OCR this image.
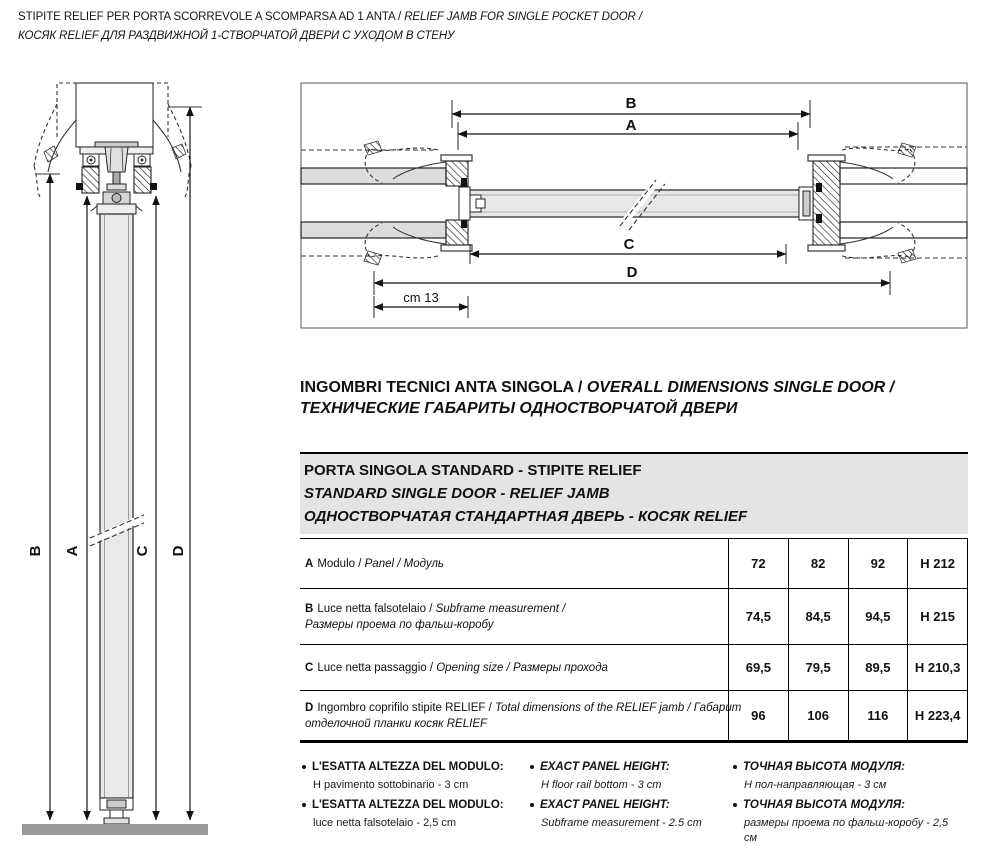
STIPITE RELIEF PER PORTA SCORREVOLE A SCOMPARSA AD 1 ANTA / RELIEF JAMB FOR SINGLE POCKET DOOR /
КОСЯК RELIEF ДЛЯ РАЗДВИЖНОЙ 1-СТВОРЧАТОЙ ДВЕРИ С УХОДОМ В СТЕНУ
B A	C D
B
A
C
D
cm 13
INGOMBRI TECNICI ANTA SINGOLA / OVERALL DIMENSIONS SINGLE DOOR /
ТЕХНИЧЕСКИЕ ГАБАРИТЫ ОДНОСТВОРЧАТОЙ ДВЕРИ
PORTA SINGOLA STANDARD - STIPITE RELIEF
STANDARD SINGLE DOOR - RELIEF JAMB
ОДНОСТВОРЧАТАЯ СТАНДАРТНАЯ ДВЕРЬ - КОСЯК RELIEF
A Modulo / Panel / Модуль	72	82	92	H 212
B Luce netta falsotelaio / Subframe measurement /
Размеры проема по фальш-коробу
74,5	84,5	94,5	H 215
C Luce netta passaggio / Opening size / Размеры прохода	69,5	79,5	89,5	H 210,3
D Ingombro coprifilo stipite RELIEF / Total dimensions of the RELIEF jamb / Габарит
отделочной планки косяк RELIEF
96	106	116	H 223,4
L'ESATTA ALTEZZA DEL MODULO:
H pavimento sottobinario - 3 cm
L'ESATTA ALTEZZA DEL MODULO:
luce netta falsotelaio - 2,5 cm
EXACT PANEL HEIGHT:
H floor rail bottom - 3 cm
EXACT PANEL HEIGHT:
Subframe measurement - 2.5 cm
ТОЧНАЯ ВЫСОТА МОДУЛЯ:
Н пол-направляющая - 3 см
ТОЧНАЯ ВЫСОТА МОДУЛЯ:
размеры проема по фальш-коробу - 2,5 см
